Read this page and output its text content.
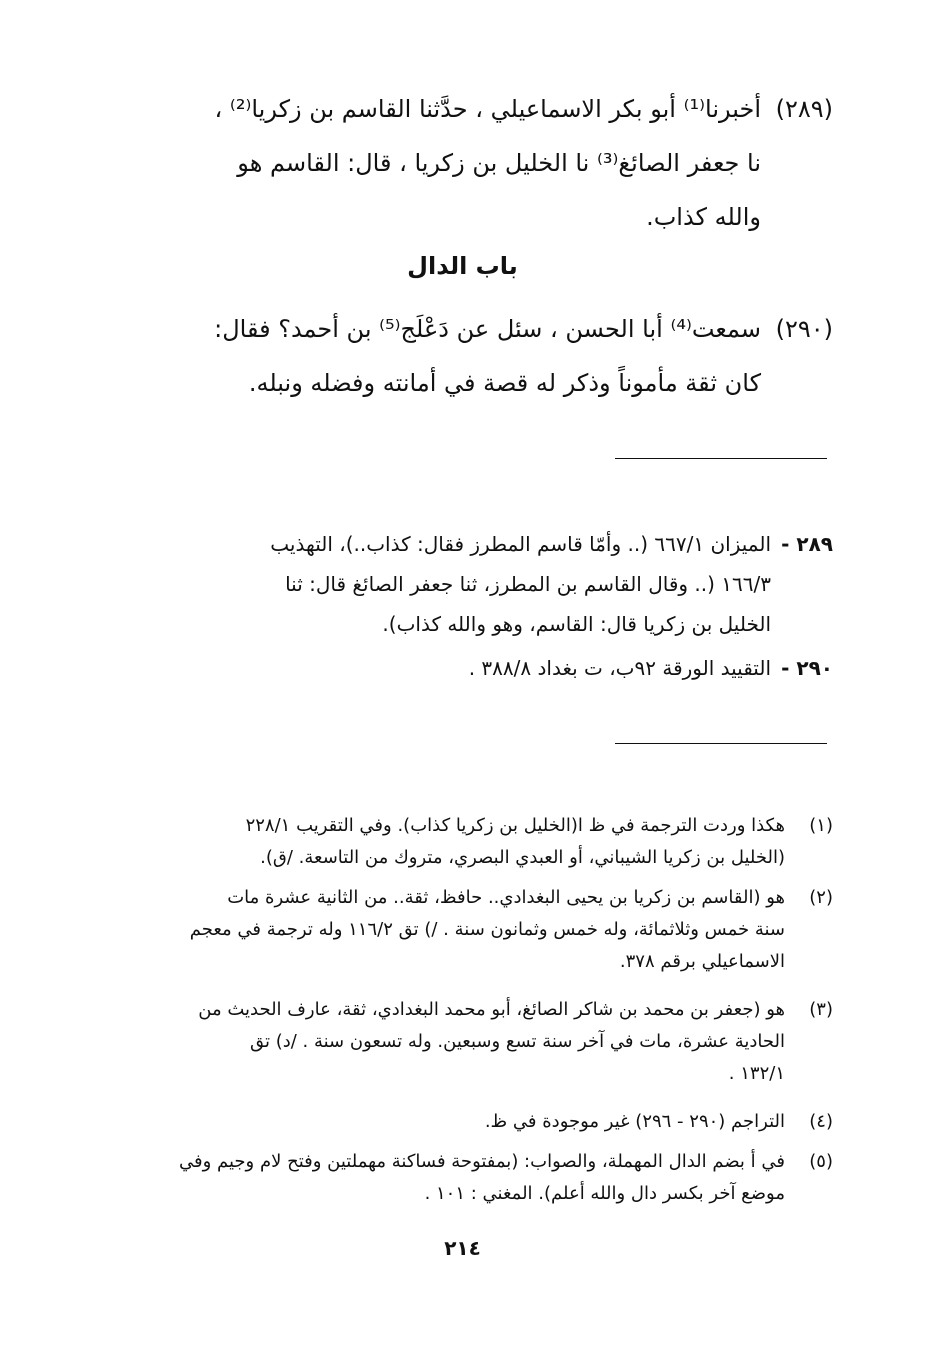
(٢٨٩)
أخبرنا⁽¹⁾ أبو بكر الاسماعيلي ، حدَّثنا القاسم بن زكريا⁽²⁾ ،
نا جعفر الصائغ⁽³⁾ نا الخليل بن زكريا ، قال: القاسم هو
والله كذاب.
باب الدال
(٢٩٠)
سمعت⁽⁴⁾ أبا الحسن ، سئل عن دَعْلَج⁽⁵⁾ بن أحمد؟ فقال:
كان ثقة مأموناً وذكر له قصة في أمانته وفضله ونبله.
٢٨٩ -
الميزان ٦٦٧/١ (.. وأمّا قاسم المطرز فقال: كذاب..)، التهذيب
١٦٦/٣ (.. وقال القاسم بن المطرز، ثنا جعفر الصائغ قال: ثنا
الخليل بن زكريا قال: القاسم، وهو والله كذاب).
٢٩٠ -
التقييد الورقة ٩٢ب، ت بغداد ٣٨٨/٨ .
(١)
هكذا وردت الترجمة في ظ ا(الخليل بن زكريا كذاب). وفي التقريب ٢٢٨/١
(الخليل بن زكريا الشيباني، أو العبدي البصري، متروك من التاسعة. /ق).
(٢)
هو (القاسم بن زكريا بن يحيى البغدادي.. حافظ، ثقة.. من الثانية عشرة مات
سنة خمس وثلاثمائة، وله خمس وثمانون سنة . /) تق ١١٦/٢ وله ترجمة في معجم
الاسماعيلي برقم ٣٧٨.
(٣)
هو (جعفر بن محمد بن شاكر الصائغ، أبو محمد البغدادي، ثقة، عارف الحديث من
الحادية عشرة، مات في آخر سنة تسع وسبعين. وله تسعون سنة . /د) تق
١٣٢/١ .
(٤)
التراجم (٢٩٠ - ٢٩٦) غير موجودة في ظ.
(٥)
في أ بضم الدال المهملة، والصواب: (بمفتوحة فساكنة مهملتين وفتح لام وجيم وفي
موضع آخر بكسر دال والله أعلم). المغني : ١٠١ .
٢١٤
